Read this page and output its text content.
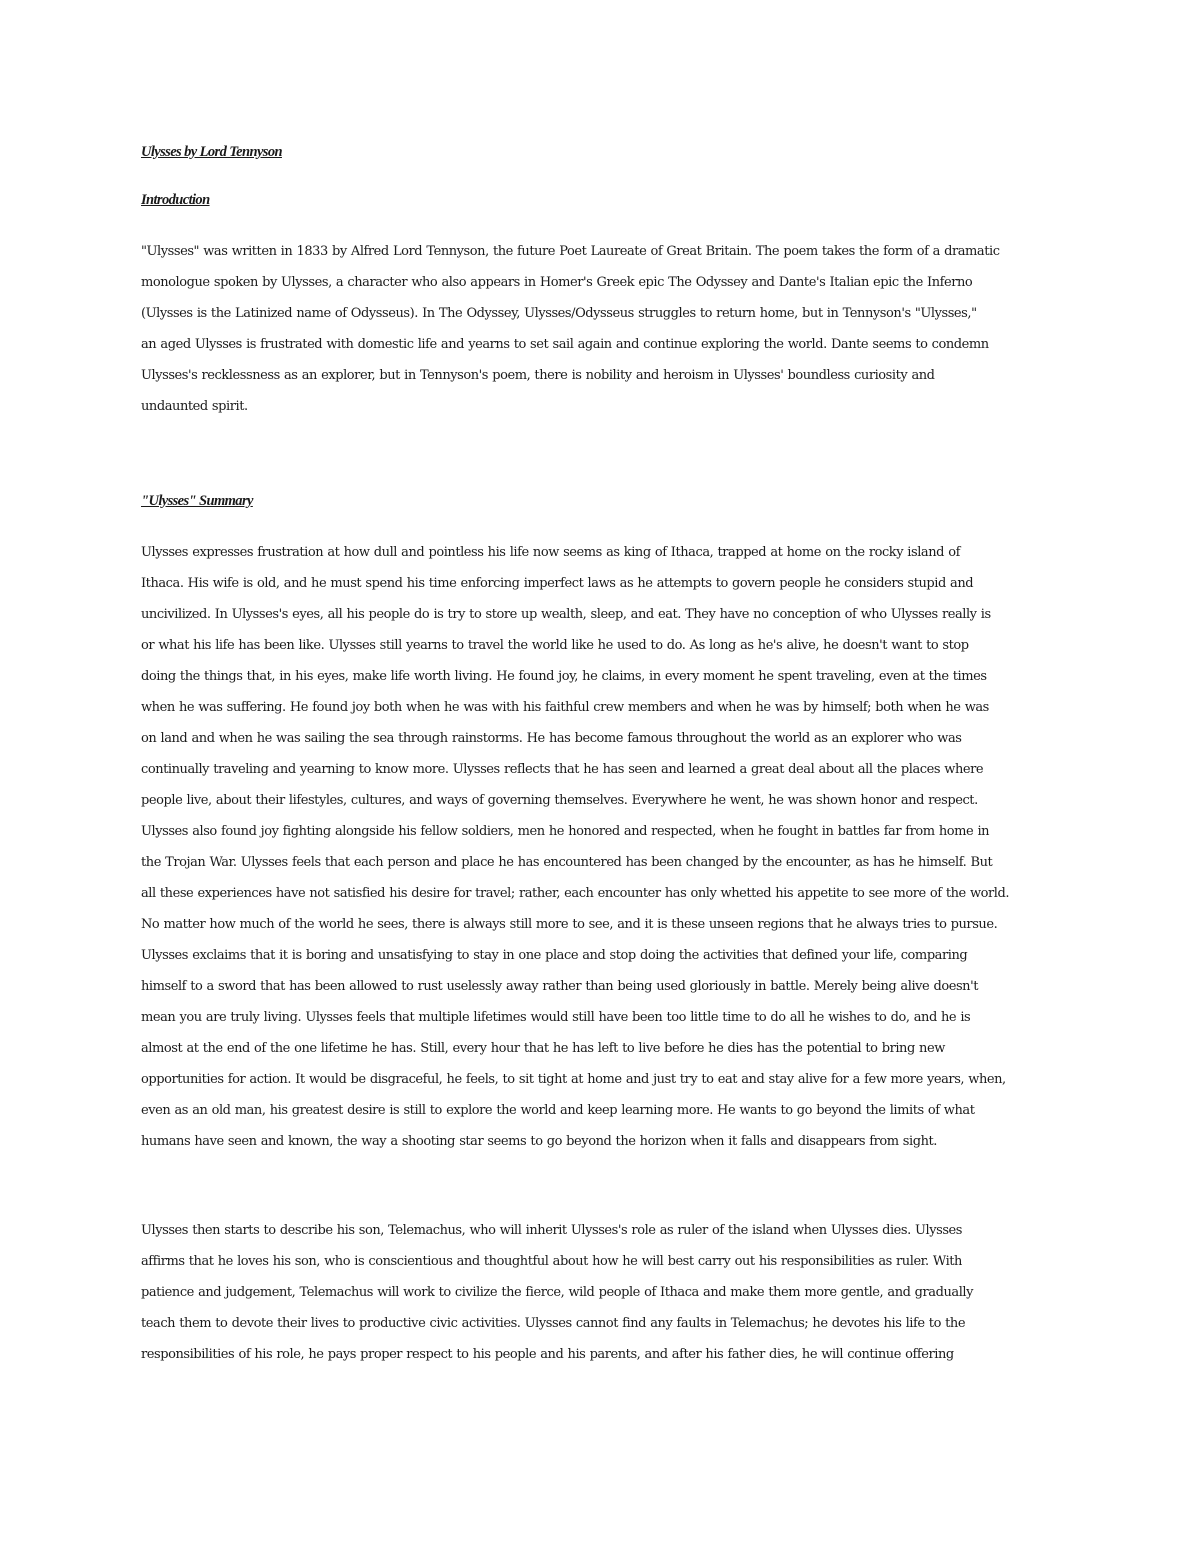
Ulysses by Lord Tennyson
Introduction

"Ulysses" was written in 1833 by Alfred Lord Tennyson, the future Poet Laureate of Great Britain. The poem takes the form of a dramatic
monologue spoken by Ulysses, a character who also appears in Homer's Greek epic The Odyssey and Dante's Italian epic the Inferno
(Ulysses is the Latinized name of Odysseus). In The Odyssey, Ulysses/Odysseus struggles to return home, but in Tennyson's "Ulysses,"
an aged Ulysses is frustrated with domestic life and yearns to set sail again and continue exploring the world. Dante seems to condemn
Ulysses's recklessness as an explorer, but in Tennyson's poem, there is nobility and heroism in Ulysses' boundless curiosity and
undaunted spirit.

"Ulysses" Summary

Ulysses expresses frustration at how dull and pointless his life now seems as king of Ithaca, trapped at home on the rocky island of
Ithaca. His wife is old, and he must spend his time enforcing imperfect laws as he attempts to govern people he considers stupid and
uncivilized. In Ulysses's eyes, all his people do is try to store up wealth, sleep, and eat. They have no conception of who Ulysses really is
or what his life has been like. Ulysses still yearns to travel the world like he used to do. As long as he's alive, he doesn't want to stop
doing the things that, in his eyes, make life worth living. He found joy, he claims, in every moment he spent traveling, even at the times
when he was suffering. He found joy both when he was with his faithful crew members and when he was by himself; both when he was
on land and when he was sailing the sea through rainstorms. He has become famous throughout the world as an explorer who was
continually traveling and yearning to know more. Ulysses reflects that he has seen and learned a great deal about all the places where
people live, about their lifestyles, cultures, and ways of governing themselves. Everywhere he went, he was shown honor and respect.
Ulysses also found joy fighting alongside his fellow soldiers, men he honored and respected, when he fought in battles far from home in
the Trojan War. Ulysses feels that each person and place he has encountered has been changed by the encounter, as has he himself. But
all these experiences have not satisfied his desire for travel; rather, each encounter has only whetted his appetite to see more of the world.
No matter how much of the world he sees, there is always still more to see, and it is these unseen regions that he always tries to pursue.
Ulysses exclaims that it is boring and unsatisfying to stay in one place and stop doing the activities that defined your life, comparing
himself to a sword that has been allowed to rust uselessly away rather than being used gloriously in battle. Merely being alive doesn't
mean you are truly living. Ulysses feels that multiple lifetimes would still have been too little time to do all he wishes to do, and he is
almost at the end of the one lifetime he has. Still, every hour that he has left to live before he dies has the potential to bring new
opportunities for action. It would be disgraceful, he feels, to sit tight at home and just try to eat and stay alive for a few more years, when,
even as an old man, his greatest desire is still to explore the world and keep learning more. He wants to go beyond the limits of what
humans have seen and known, the way a shooting star seems to go beyond the horizon when it falls and disappears from sight.

Ulysses then starts to describe his son, Telemachus, who will inherit Ulysses's role as ruler of the island when Ulysses dies. Ulysses
affirms that he loves his son, who is conscientious and thoughtful about how he will best carry out his responsibilities as ruler. With
patience and judgement, Telemachus will work to civilize the fierce, wild people of Ithaca and make them more gentle, and gradually
teach them to devote their lives to productive civic activities. Ulysses cannot find any faults in Telemachus; he devotes his life to the
responsibilities of his role, he pays proper respect to his people and his parents, and after his father dies, he will continue offering
